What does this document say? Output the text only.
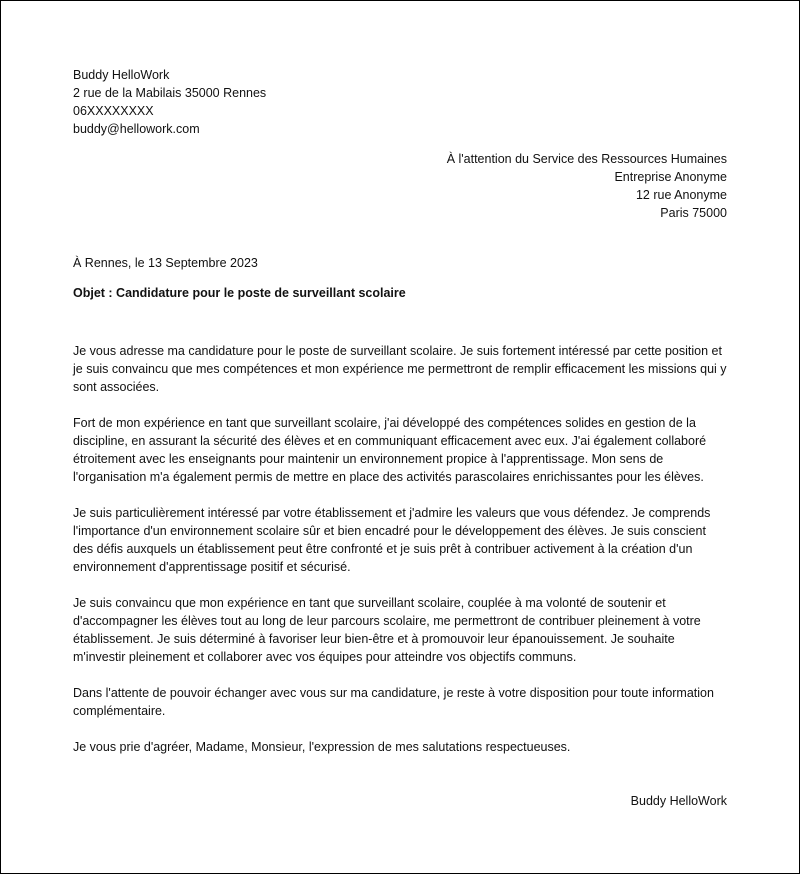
Buddy HelloWork
2 rue de la Mabilais 35000 Rennes
06XXXXXXXX
buddy@hellowork.com
À l'attention du Service des Ressources Humaines
Entreprise Anonyme
12 rue Anonyme
Paris 75000
À Rennes, le 13 Septembre 2023
Objet : Candidature pour le poste de surveillant scolaire

Je vous adresse ma candidature pour le poste de surveillant scolaire. Je suis fortement intéressé par cette position et je suis convaincu que mes compétences et mon expérience me permettront de remplir efficacement les missions qui y sont associées.

Fort de mon expérience en tant que surveillant scolaire, j'ai développé des compétences solides en gestion de la discipline, en assurant la sécurité des élèves et en communiquant efficacement avec eux. J'ai également collaboré étroitement avec les enseignants pour maintenir un environnement propice à l'apprentissage. Mon sens de l'organisation m'a également permis de mettre en place des activités parascolaires enrichissantes pour les élèves.

Je suis particulièrement intéressé par votre établissement et j'admire les valeurs que vous défendez. Je comprends l'importance d'un environnement scolaire sûr et bien encadré pour le développement des élèves. Je suis conscient des défis auxquels un établissement peut être confronté et je suis prêt à contribuer activement à la création d'un environnement d'apprentissage positif et sécurisé.

Je suis convaincu que mon expérience en tant que surveillant scolaire, couplée à ma volonté de soutenir et d'accompagner les élèves tout au long de leur parcours scolaire, me permettront de contribuer pleinement à votre établissement. Je suis déterminé à favoriser leur bien-être et à promouvoir leur épanouissement. Je souhaite m'investir pleinement et collaborer avec vos équipes pour atteindre vos objectifs communs.

Dans l'attente de pouvoir échanger avec vous sur ma candidature, je reste à votre disposition pour toute information complémentaire.

Je vous prie d'agréer, Madame, Monsieur, l'expression de mes salutations respectueuses.

Buddy HelloWork
